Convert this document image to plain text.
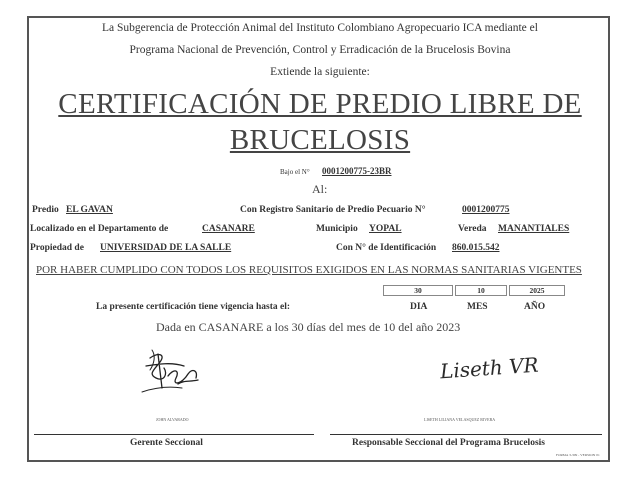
La Subgerencia de Protección Animal del Instituto Colombiano Agropecuario ICA mediante el
Programa Nacional de Prevención, Control y Erradicación de la Brucelosis Bovina
Extiende la siguiente:
CERTIFICACIÓN DE PREDIO LIBRE DE
BRUCELOSIS
Bajo el N° 0001200775-23BR
Al:
Predio EL GAVAN	Con Registro Sanitario de Predio Pecuario N°	0001200775
Localizado en el Departamento de	CASANARE	Municipio YOPAL	Vereda MANANTIALES
Propiedad de UNIVERSIDAD DE LA SALLE	Con N° de Identificación 860.015.542
POR HABER CUMPLIDO CON TODOS LOS REQUISITOS EXIGIDOS EN LAS NORMAS SANITARIAS VIGENTES
La presente certificación tiene vigencia hasta el:
30	10	2025
DIA	MES	AÑO
Dada en CASANARE a los 30 días del mes de 10 del año 2023
Liseth VR
JOHN ALVARADO	LISETH LILIANA VELASQUEZ RIVERA
Gerente Seccional	Responsable Seccional del Programa Brucelosis
FORMA 3-309 - VERSION 01
